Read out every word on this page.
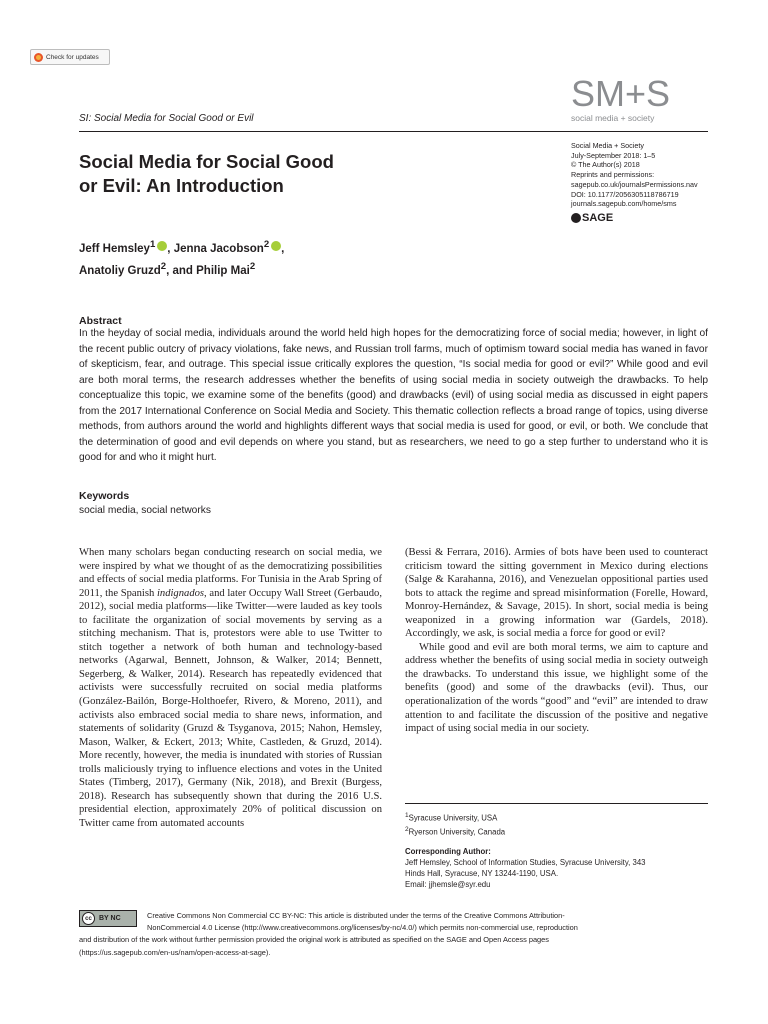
Check for updates
SI: Social Media for Social Good or Evil
SM+S
social media + society
Social Media + Society
July-September 2018: 1–5
© The Author(s) 2018
Reprints and permissions:
sagepub.co.uk/journalsPermissions.nav
DOI: 10.1177/2056305118786719
journals.sagepub.com/home/sms
SAGE
Social Media for Social Good
or Evil: An Introduction
Jeff Hemsley$^1$ , Jenna Jacobson$^2$ ,
Anatoliy Gruzd$^2$, and Philip Mai$^2$
Abstract
In the heyday of social media, individuals around the world held high hopes for the democratizing force of social media; however, in light of the recent public outcry of privacy violations, fake news, and Russian troll farms, much of optimism toward social media has waned in favor of skepticism, fear, and outrage. This special issue critically explores the question, “Is social media for good or evil?” While good and evil are both moral terms, the research addresses whether the benefits of using social media in society outweigh the drawbacks. To help conceptualize this topic, we examine some of the benefits (good) and drawbacks (evil) of using social media as discussed in eight papers from the 2017 International Conference on Social Media and Society. This thematic collection reflects a broad range of topics, using diverse methods, from authors around the world and highlights different ways that social media is used for good, or evil, or both. We conclude that the determination of good and evil depends on where you stand, but as researchers, we need to go a step further to understand who it is good for and who it might hurt.
Keywords
social media, social networks

When many scholars began conducting research on social media, we were inspired by what we thought of as the democratizing possibilities and effects of social media platforms. For Tunisia in the Arab Spring of 2011, the Spanish indignados, and later Occupy Wall Street (Gerbaudo, 2012), social media platforms—like Twitter—were lauded as key tools to facilitate the organization of social movements by serving as a stitching mechanism. That is, protestors were able to use Twitter to stitch together a network of both human and technology-based networks (Agarwal, Bennett, Johnson, & Walker, 2014; Bennett, Segerberg, & Walker, 2014). Research has repeatedly evidenced that activists were successfully recruited on social media platforms (González-Bailón, Borge-Holthoefer, Rivero, & Moreno, 2011), and activists also embraced social media to share news, information, and statements of solidarity (Gruzd & Tsyganova, 2015; Nahon, Hemsley, Mason, Walker, & Eckert, 2013; White, Castleden, & Gruzd, 2014). More recently, however, the media is inundated with stories of Russian trolls maliciously trying to influence elections and votes in the United States (Timberg, 2017), Germany (Nik, 2018), and Brexit (Burgess, 2018). Research has subsequently shown that during the 2016 U.S. presidential election, approximately 20% of political discussion on Twitter came from automated accounts

(Bessi & Ferrara, 2016). Armies of bots have been used to counteract criticism toward the sitting government in Mexico during elections (Salge & Karahanna, 2016), and Venezuelan oppositional parties used bots to attack the regime and spread misinformation (Forelle, Howard, Monroy-Hernández, & Savage, 2015). In short, social media is being weaponized in a growing information war (Gardels, 2018). Accordingly, we ask, is social media a force for good or evil?

While good and evil are both moral terms, we aim to capture and address whether the benefits of using social media in society outweigh the drawbacks. To understand this issue, we highlight some of the benefits (good) and some of the drawbacks (evil). Thus, our operationalization of the words “good” and “evil” are intended to draw attention to and facilitate the discussion of the positive and negative impact of using social media in our society.

$^1$Syracuse University, USA
$^2$Ryerson University, Canada
Corresponding Author:
Jeff Hemsley, School of Information Studies, Syracuse University, 343
Hinds Hall, Syracuse, NY 13244-1190, USA.
Email: jjhemsle@syr.edu
cc	BY NC	Creative Commons Non Commercial CC BY-NC: This article is distributed under the terms of the Creative Commons Attribution-
NonCommercial 4.0 License (http://www.creativecommons.org/licenses/by-nc/4.0/) which permits non-commercial use, reproduction
and distribution of the work without further permission provided the original work is attributed as specified on the SAGE and Open Access pages
(https://us.sagepub.com/en-us/nam/open-access-at-sage).
